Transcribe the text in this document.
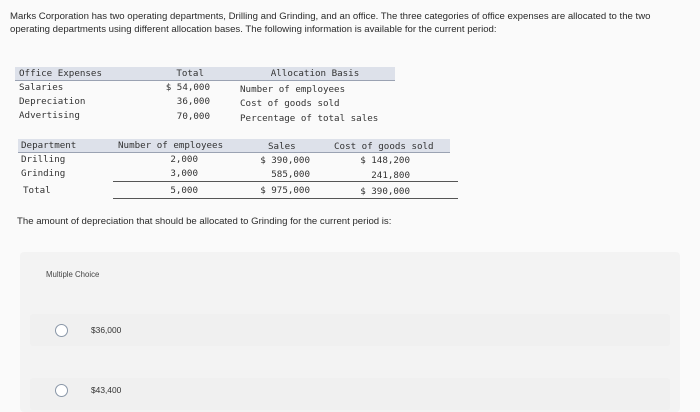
Marks Corporation has two operating departments, Drilling and Grinding, and an office. The three categories of office expenses are allocated to the two operating departments using different allocation bases. The following information is available for the current period:
Office Expenses	Total	Allocation Basis
Salaries	$ 54,000	Number of employees
Depreciation	36,000	Cost of goods sold
Advertising	70,000	Percentage of total sales
Department	Number of employees	Sales	Cost of goods sold
Drilling	2,000	$ 390,000	$ 148,200
Grinding	3,000	585,000	241,800
Total	5,000	$ 975,000	$ 390,000
The amount of depreciation that should be allocated to Grinding for the current period is:
Multiple Choice
$36,000
$43,400
